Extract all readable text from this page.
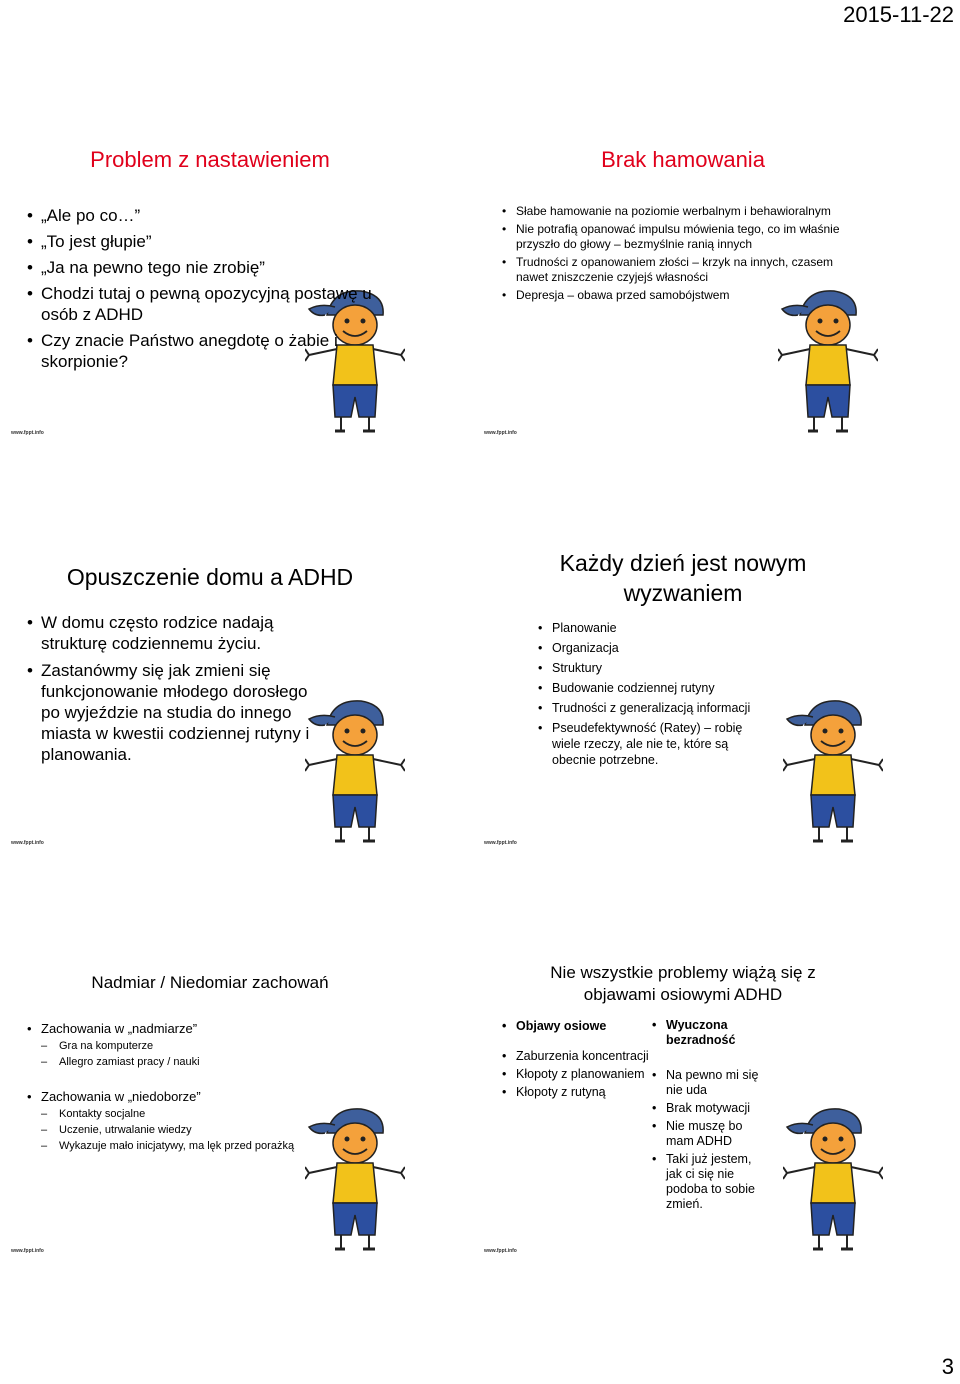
2015-11-22
Problem z nastawieniem
• „Ale po co…”
• „To jest głupie”
• „Ja na pewno tego nie zrobię”
• Chodzi tutaj o pewną opozycyjną postawę u osób z ADHD
• Czy znacie Państwo anegdotę o żabie i skorpionie?
www.fppt.info
Brak hamowania
• Słabe hamowanie na poziomie werbalnym i behawioralnym
• Nie potrafią opanować impulsu mówienia tego, co im właśnie przyszło do głowy – bezmyślnie ranią innych
• Trudności z opanowaniem złości – krzyk na innych, czasem nawet zniszczenie czyjejś własności
• Depresja – obawa przed samobójstwem
www.fppt.info
Opuszczenie domu a ADHD
• W domu często rodzice nadają strukturę codziennemu życiu.
• Zastanówmy się jak zmieni się funkcjonowanie młodego dorosłego po wyjeździe na studia do innego miasta w kwestii codziennej rutyny i planowania.
www.fppt.info
Każdy dzień jest nowym wyzwaniem
• Planowanie
• Organizacja
• Struktury
• Budowanie codziennej rutyny
• Trudności z generalizacją informacji
• Pseudefektywność (Ratey) – robię wiele rzeczy, ale nie te, które są obecnie potrzebne.
www.fppt.info
Nadmiar / Niedomiar zachowań
• Zachowania w „nadmiarze”
– Gra na komputerze
– Allegro zamiast pracy / nauki
• Zachowania w „niedoborze”
– Kontakty socjalne
– Uczenie, utrwalanie wiedzy
– Wykazuje mało inicjatywy, ma lęk przed porażką
www.fppt.info
Nie wszystkie problemy wiążą się z objawami osiowymi ADHD
• Objawy osiowe
• Zaburzenia koncentracji
• Kłopoty z planowaniem
• Kłopoty z rutyną
• Wyuczona bezradność
• Na pewno mi się nie uda
• Brak motywacji
• Nie muszę bo mam ADHD
• Taki już jestem, jak ci się nie podoba to sobie zmień.
www.fppt.info
3
